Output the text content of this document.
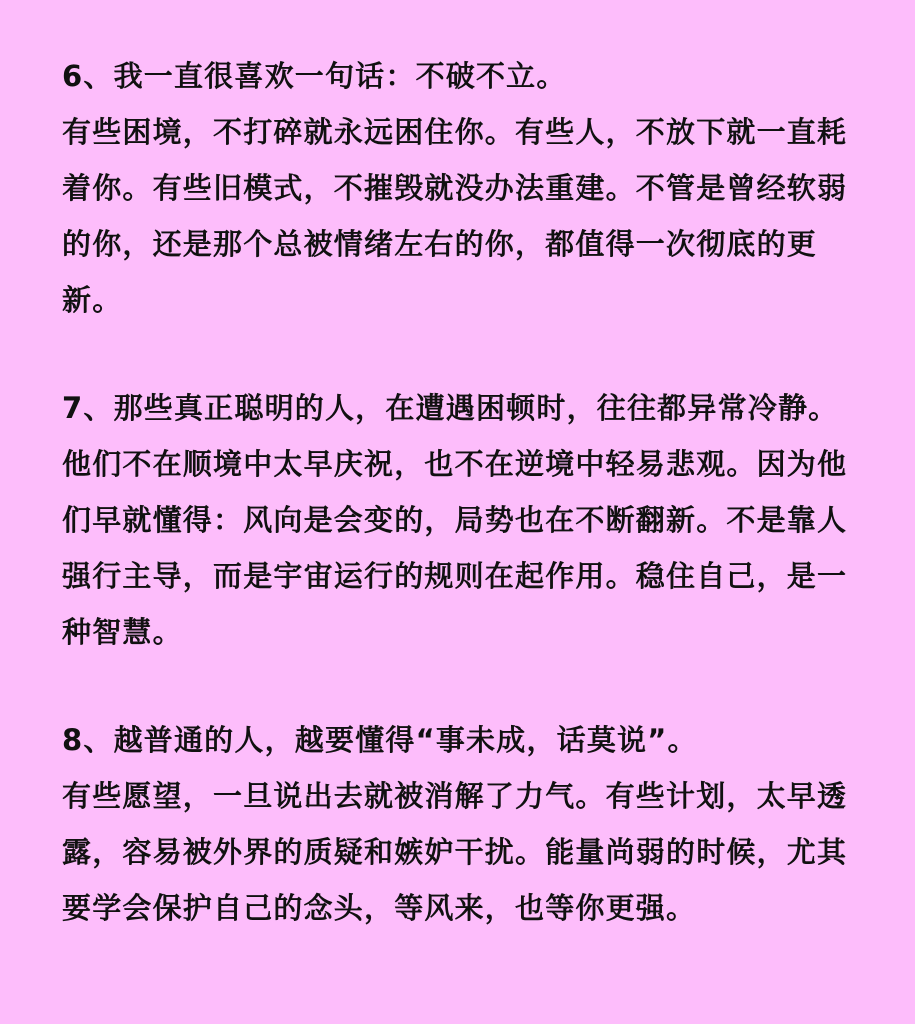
6、我一直很喜欢一句话：不破不立。
有些困境，不打碎就永远困住你。有些人，不放下就一直耗
着你。有些旧模式，不摧毁就没办法重建。不管是曾经软弱
的你，还是那个总被情绪左右的你，都值得一次彻底的更
新。
7、那些真正聪明的人，在遭遇困顿时，往往都异常冷静。
他们不在顺境中太早庆祝，也不在逆境中轻易悲观。因为他
们早就懂得：风向是会变的，局势也在不断翻新。不是靠人
强行主导，而是宇宙运行的规则在起作用。稳住自己，是一
种智慧。
8、越普通的人，越要懂得“事未成，话莫说”。
有些愿望，一旦说出去就被消解了力气。有些计划，太早透
露，容易被外界的质疑和嫉妒干扰。能量尚弱的时候，尤其
要学会保护自己的念头，等风来，也等你更强。
